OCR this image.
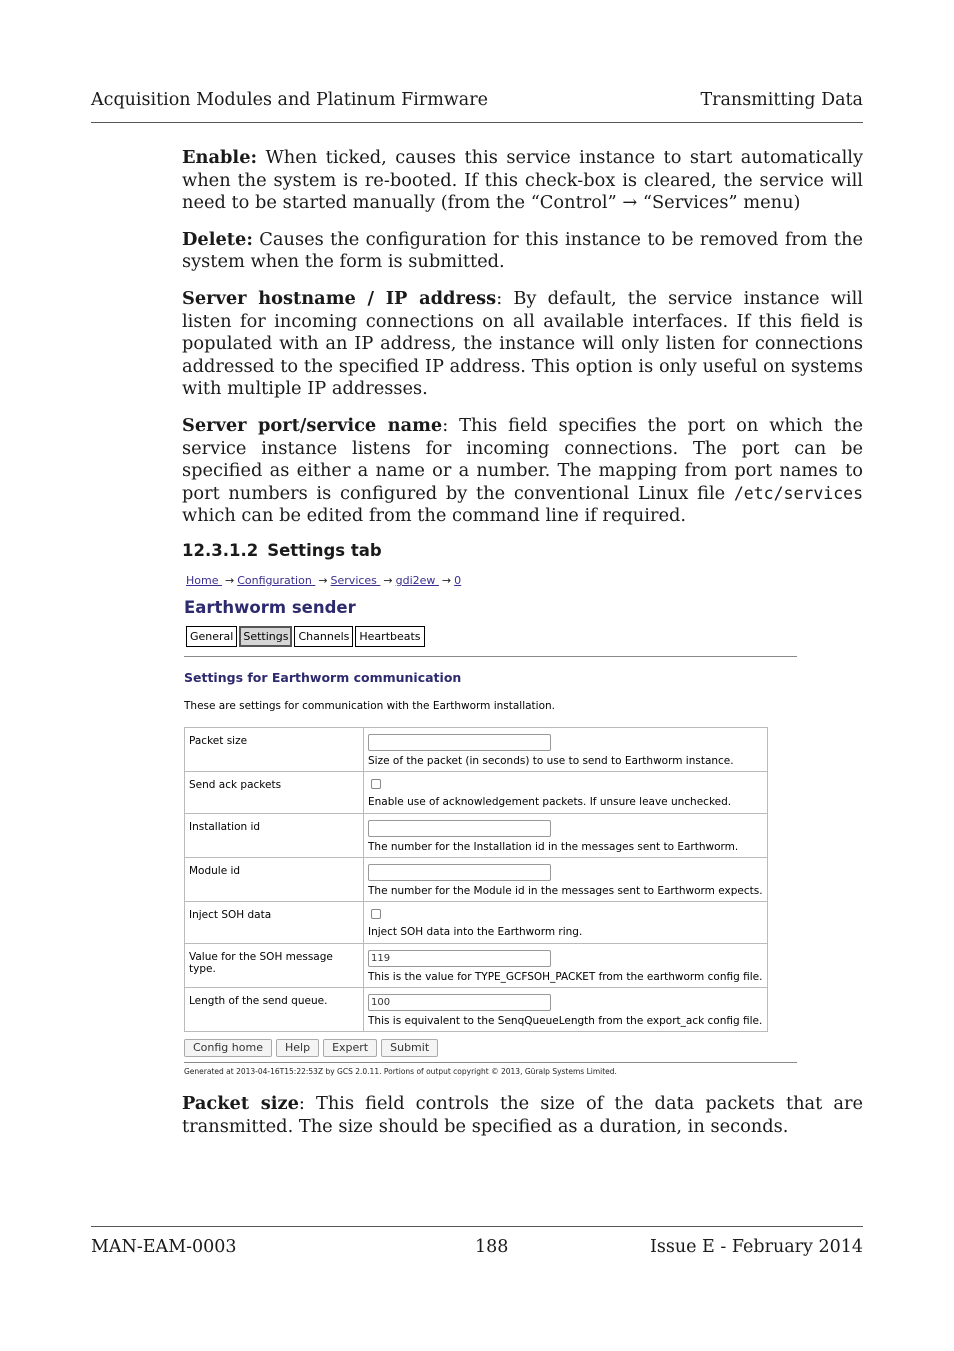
Acquisition Modules and Platinum Firmware	Transmitting Data

Enable: When ticked, causes this service instance to start automatically when the system is re-booted. If this check-box is cleared, the service will need to be started manually (from the “Control” → “Services” menu)

Delete: Causes the configuration for this instance to be removed from the system when the form is submitted.

Server hostname / IP address: By default, the service instance will listen for incoming connections on all available interfaces. If this field is populated with an IP address, the instance will only listen for connections addressed to the specified IP address. This option is only useful on systems with multiple IP addresses.

Server port/service name: This field specifies the port on which the service instance listens for incoming connections. The port can be specified as either a name or a number. The mapping from port names to port numbers is configured by the conventional Linux file /etc/services which can be edited from the command line if required.

12.3.1.2 Settings tab
Home → Configuration → Services → gdi2ew → 0
Earthworm sender
General Settings Channels Heartbeats
Settings for Earthworm communication
These are settings for communication with the Earthworm installation.
Packet size	Size of the packet (in seconds) to use to send to Earthworm instance.

Send ack packets	Enable use of acknowledgement packets. If unsure leave unchecked.

Installation id	The number for the Installation id in the messages sent to Earthworm.

Module id	The number for the Module id in the messages sent to Earthworm expects.

Inject SOH data	Inject SOH data into the Earthworm ring.

Value for the SOH message type.	119
This is the value for TYPE_GCFSOH_PACKET from the earthworm config file.

Length of the send queue.	100
This is equivalent to the SenqQueueLength from the export_ack config file.
Config home	Help	Expert	Submit
Generated at 2013-04-16T15:22:53Z by GCS 2.0.11. Portions of output copyright © 2013, Güralp Systems Limited.

Packet size: This field controls the size of the data packets that are transmitted. The size should be specified as a duration, in seconds.

MAN-EAM-0003	188	Issue E - February 2014
